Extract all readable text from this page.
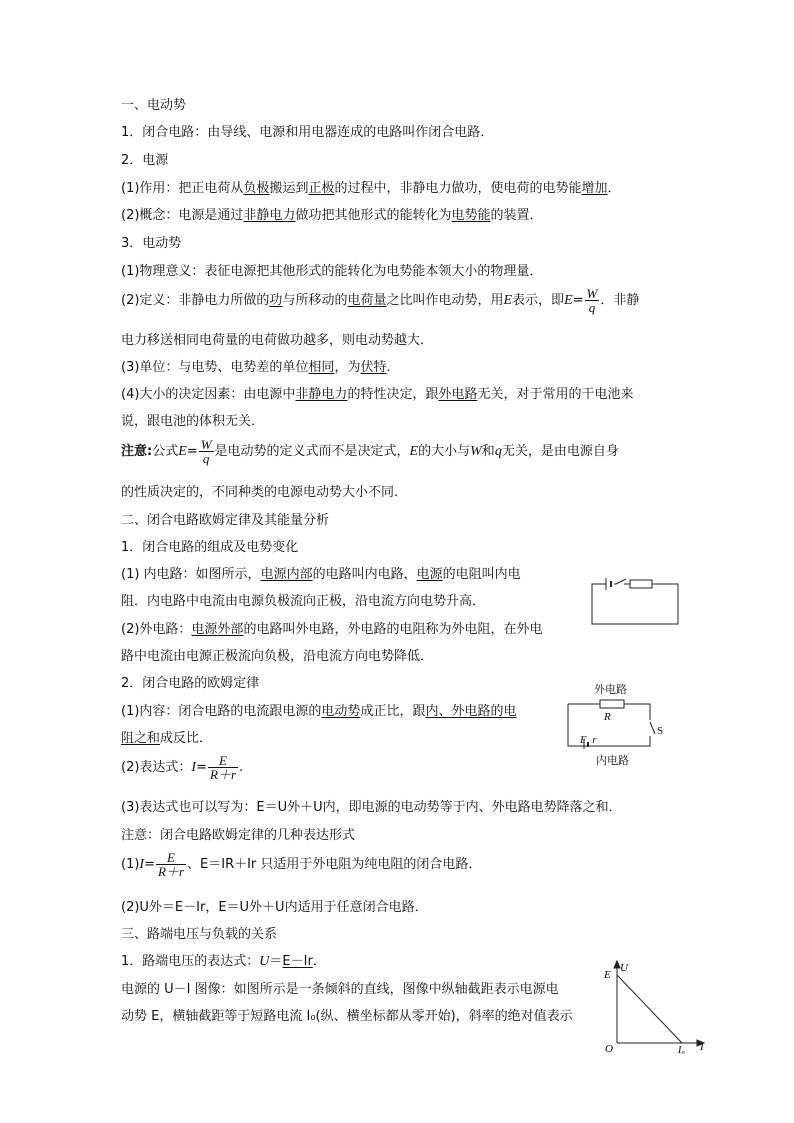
一、电动势
1．闭合电路：由导线、电源和用电器连成的电路叫作闭合电路．
2．电源
(1)作用：把正电荷从负极搬运到正极的过程中，非静电力做功，使电荷的电势能增加．
(2)概念：电源是通过非静电力做功把其他形式的能转化为电势能的装置．
3．电动势
(1)物理意义：表征电源把其他形式的能转化为电势能本领大小的物理量．
(2)定义：非静电力所做的功与所移动的电荷量之比叫作电动势，用E表示，即$E= \frac{W}{q}$ ．非静
电力移送相同电荷量的电荷做功越多，则电动势越大．
(3)单位：与电势、电势差的单位相同，为伏特．
(4)大小的决定因素：由电源中非静电力的特性决定，跟外电路无关，对于常用的干电池来
说，跟电池的体积无关．
注意:公式$E= \frac{W}{q}$ 是电动势的定义式而不是决定式，E的大小与W和q无关，是由电源自身
的性质决定的，不同种类的电源电动势大小不同．
二、闭合电路欧姆定律及其能量分析
1．闭合电路的组成及电势变化
(1) 内电路：如图所示，电源内部的电路叫内电路，电源的电阻叫内电
阻．内电路中电流由电源负极流向正极，沿电流方向电势升高．
(2)外电路：电源外部的电路叫外电路，外电路的电阻称为外电阻，在外电
路中电流由电源正极流向负极，沿电流方向电势降低．
2．闭合电路的欧姆定律
(1)内容：闭合电路的电流跟电源的电动势成正比，跟内、外电路的电
阻之和成反比．
(2)表达式：$I= \frac{E}{R+r}$ .
(3)表达式也可以写为：E＝U外＋U内，即电源的电动势等于内、外电路电势降落之和．
注意：闭合电路欧姆定律的几种表达形式
$(1)I= \frac{E}{R+r}$ 、E＝IR＋Ir 只适用于外电阻为纯电阻的闭合电路．
(2)U外＝E－Ir，E＝U外＋U内适用于任意闭合电路．
三、路端电压与负载的关系
1．路端电压的表达式：U＝E－Ir．
电源的 U－I 图像：如图所示是一条倾斜的直线，图像中纵轴截距表示电源电
动势 E，横轴截距等于短路电流 I₀(纵、横坐标都从零开始)，斜率的绝对值表示
外电路
R
S
E, r
内电路
E
U
O	I₀ I
